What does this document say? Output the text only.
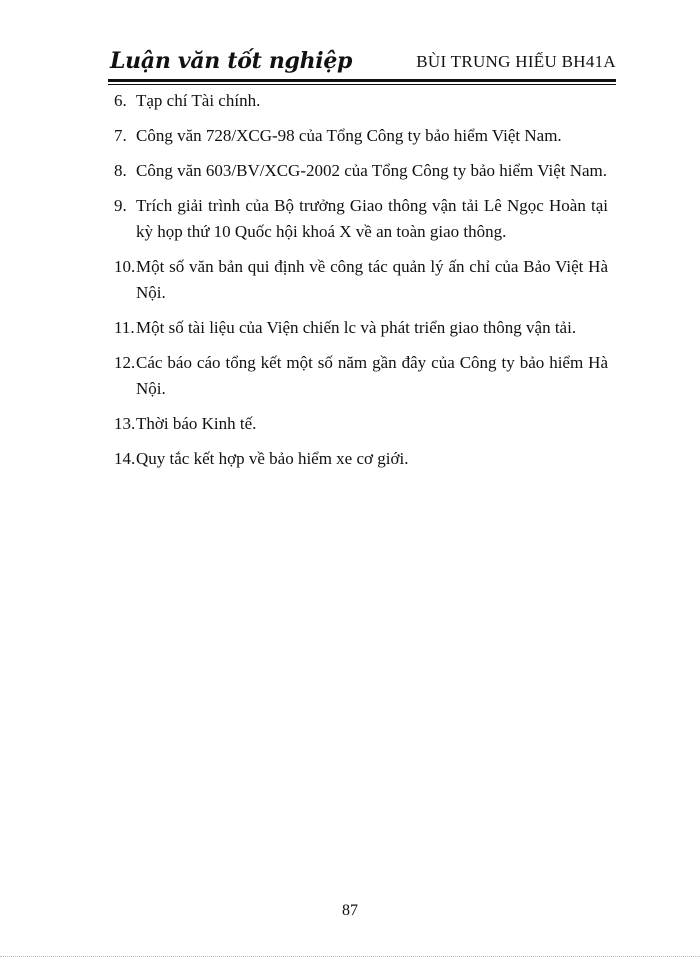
Luận văn tốt nghiệp	BÙI TRUNG HIẾU BH41A
6. Tạp chí Tài chính.
7. Công văn 728/XCG-98 của Tổng Công ty bảo hiểm Việt Nam.
8. Công văn 603/BV/XCG-2002 của Tổng Công ty bảo hiểm Việt Nam.
9. Trích giải trình của Bộ trưởng Giao thông vận tải Lê Ngọc Hoàn tại kỳ họp thứ 10 Quốc hội khoá X về an toàn giao thông.
10. Một số văn bản qui định về công tác quản lý ấn chỉ của Bảo Việt Hà Nội.
11. Một số tài liệu của Viện chiến lc và phát triển giao thông vận tải.
12. Các báo cáo tổng kết một số năm gần đây của Công ty bảo hiểm Hà Nội.
13. Thời báo Kinh tế.
14. Quy tắc kết hợp về bảo hiểm xe cơ giới.
87
